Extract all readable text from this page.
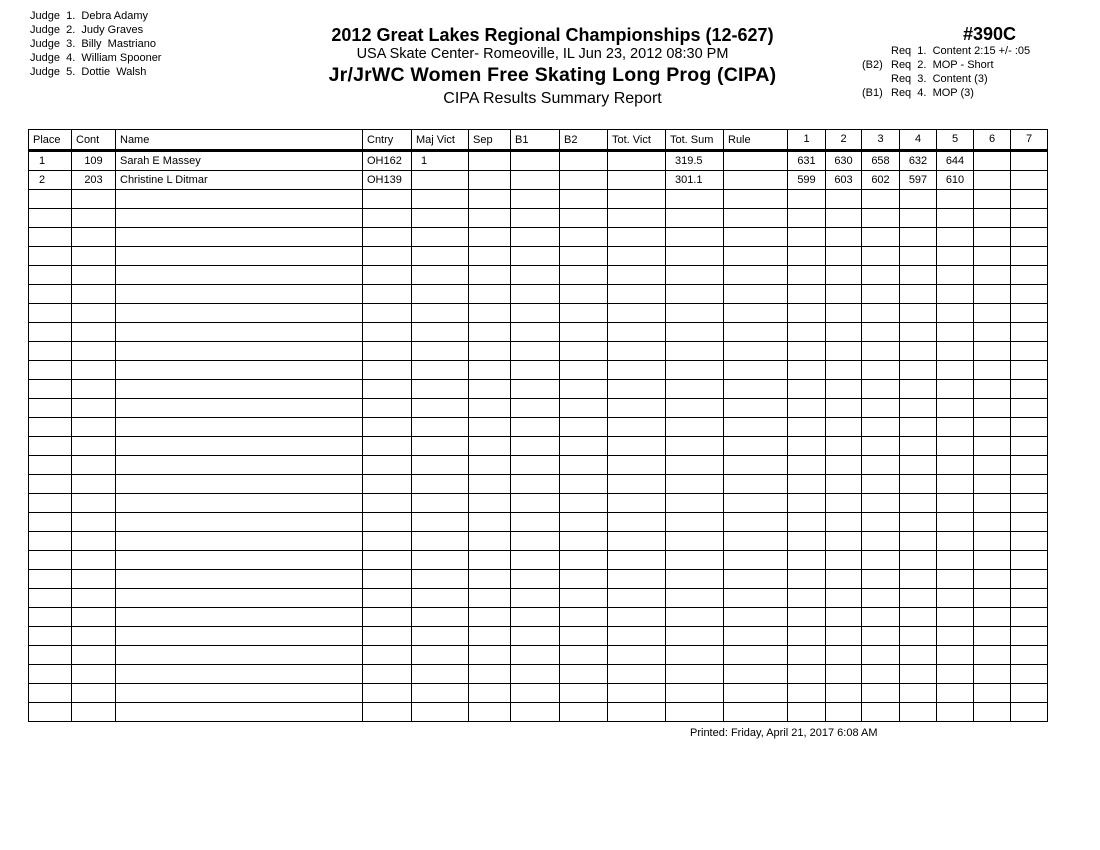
Judge  1. Debra Adamy
Judge  2. Judy Graves
Judge  3. Billy  Mastriano
Judge  4. William Spooner
Judge  5. Dottie  Walsh
2012 Great Lakes Regional Championships (12-627)
USA Skate Center- Romeoville, IL Jun 23, 2012 08:30 PM
Jr/JrWC Women Free Skating Long Prog (CIPA)
CIPA Results Summary Report
#390C
Req  1.  Content 2:15 +/- :05
(B2) Req  2.  MOP - Short
Req  3.  Content (3)
(B1) Req  4.  MOP (3)
Place	Cont	Name	Cntry	Maj Vict	Sep	B1	B2	Tot. Vict	Tot. Sum	Rule	1	2	3	4	5	6	7
1	109	Sarah E Massey	OH162	1					319.5		631	630	658	632	644		
2	203	Christine L Ditmar	OH139						301.1		599	603	602	597	610		

Printed: Friday, April 21, 2017 6:08 AM
